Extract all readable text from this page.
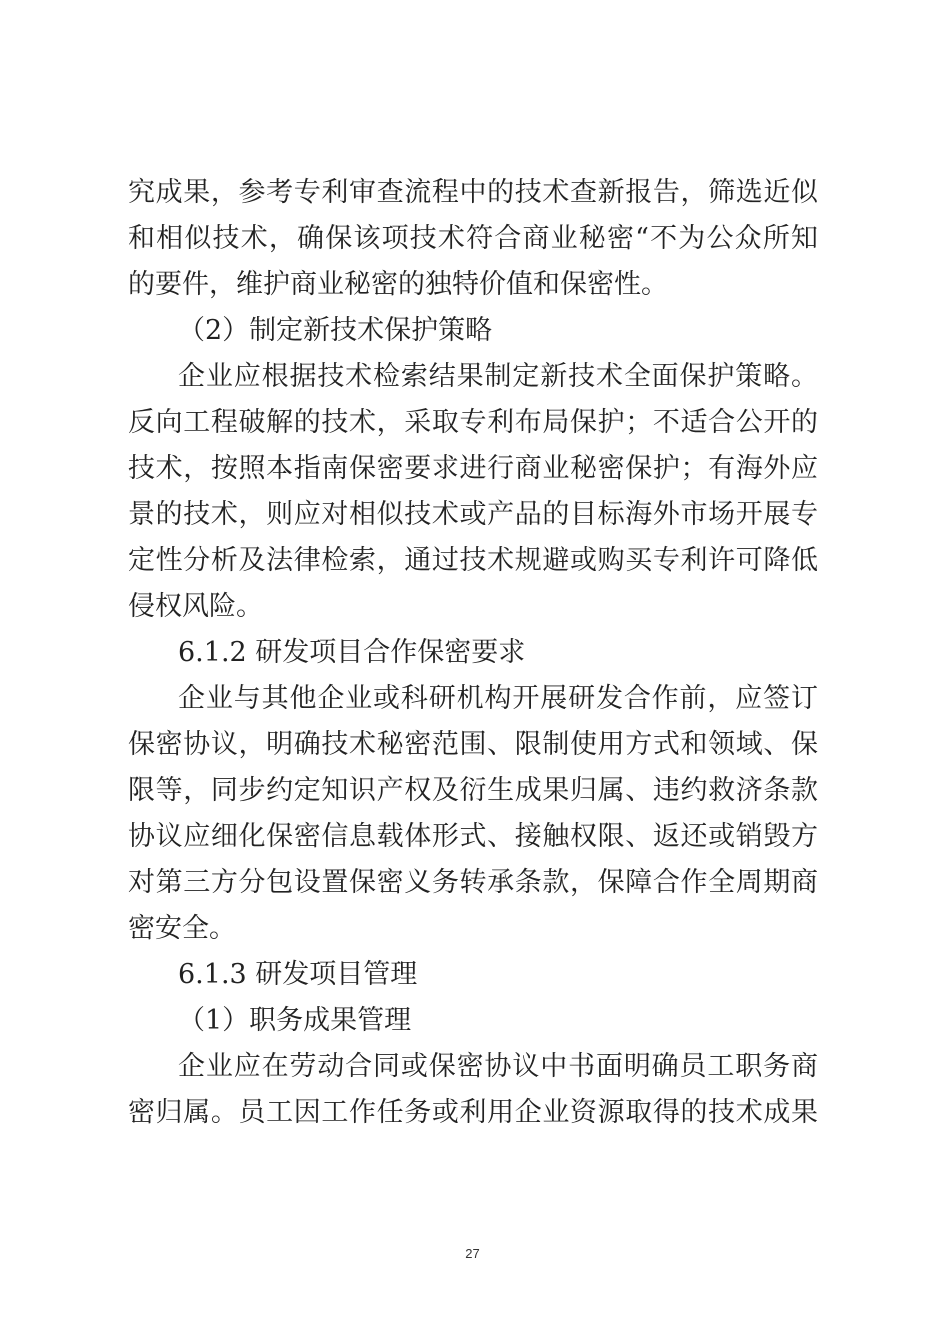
究成果，参考专利审查流程中的技术查新报告，筛选近似
和相似技术，确保该项技术符合商业秘密“不为公众所知
的要件，维护商业秘密的独特价值和保密性。
（2）制定新技术保护策略
企业应根据技术检索结果制定新技术全面保护策略。
反向工程破解的技术，采取专利布局保护；不适合公开的
技术，按照本指南保密要求进行商业秘密保护；有海外应
景的技术，则应对相似技术或产品的目标海外市场开展专
定性分析及法律检索，通过技术规避或购买专利许可降低
侵权风险。
6.1.2 研发项目合作保密要求
企业与其他企业或科研机构开展研发合作前，应签订
保密协议，明确技术秘密范围、限制使用方式和领域、保
限等，同步约定知识产权及衍生成果归属、违约救济条款
协议应细化保密信息载体形式、接触权限、返还或销毁方
对第三方分包设置保密义务转承条款，保障合作全周期商
密安全。
6.1.3 研发项目管理
（1）职务成果管理
企业应在劳动合同或保密协议中书面明确员工职务商
密归属。员工因工作任务或利用企业资源取得的技术成果
27
